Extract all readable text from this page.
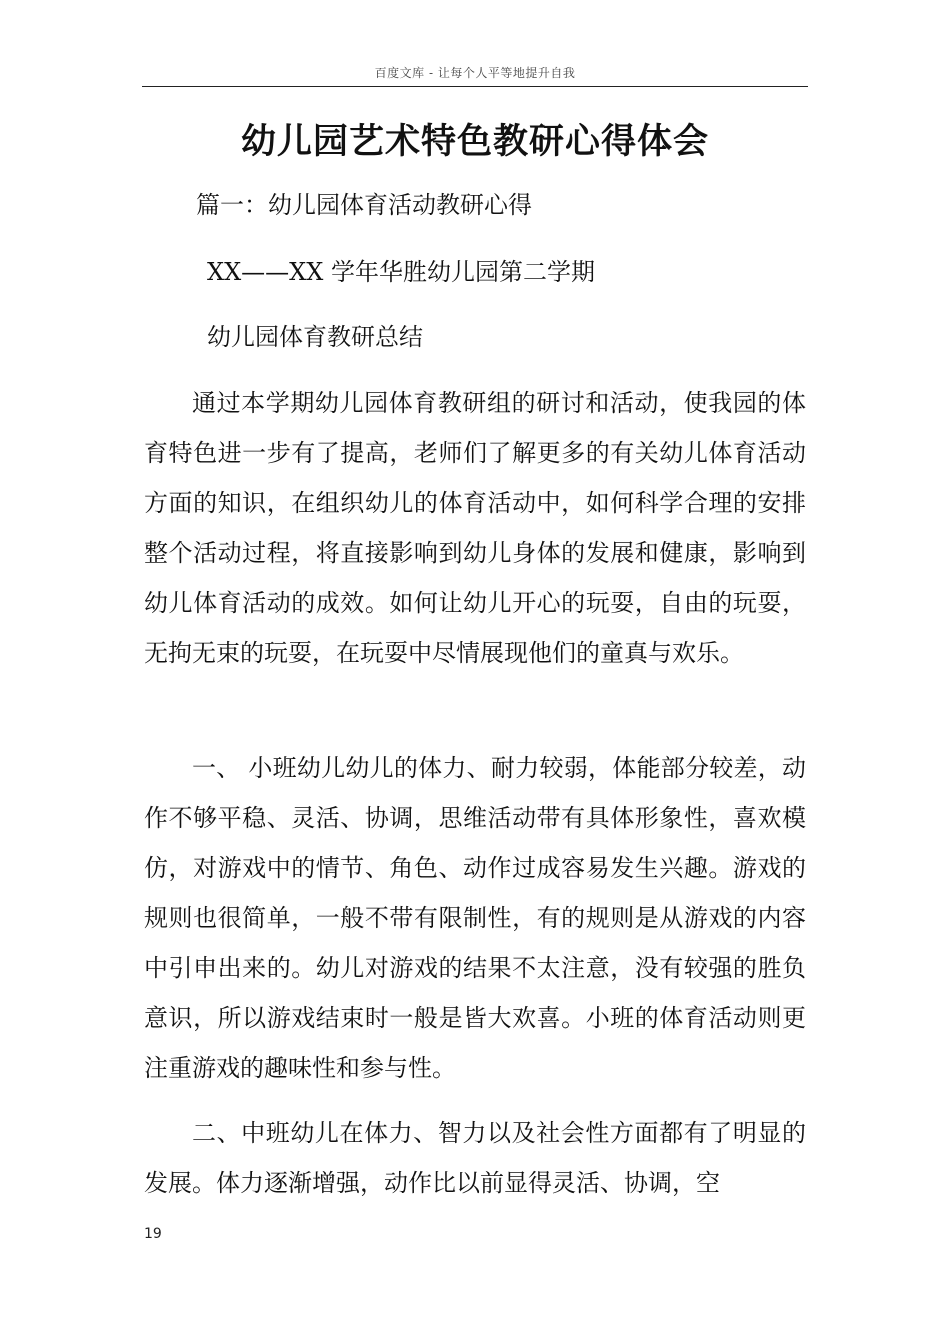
百度文库 - 让每个人平等地提升自我
幼儿园艺术特色教研心得体会
篇一：幼儿园体育活动教研心得
XX——XX 学年华胜幼儿园第二学期
幼儿园体育教研总结

通过本学期幼儿园体育教研组的研讨和活动，使我园的体育特色进一步有了提高，老师们了解更多的有关幼儿体育活动方面的知识，在组织幼儿的体育活动中，如何科学合理的安排整个活动过程，将直接影响到幼儿身体的发展和健康，影响到幼儿体育活动的成效。如何让幼儿开心的玩耍，自由的玩耍，无拘无束的玩耍，在玩耍中尽情展现他们的童真与欢乐。

一、 小班幼儿幼儿的体力、耐力较弱，体能部分较差，动作不够平稳、灵活、协调，思维活动带有具体形象性，喜欢模仿，对游戏中的情节、角色、动作过成容易发生兴趣。游戏的规则也很简单，一般不带有限制性，有的规则是从游戏的内容中引申出来的。幼儿对游戏的结果不太注意，没有较强的胜负意识，所以游戏结束时一般是皆大欢喜。小班的体育活动则更注重游戏的趣味性和参与性。

二、中班幼儿在体力、智力以及社会性方面都有了明显的发展。体力逐渐增强，动作比以前显得灵活、协调，空

19
